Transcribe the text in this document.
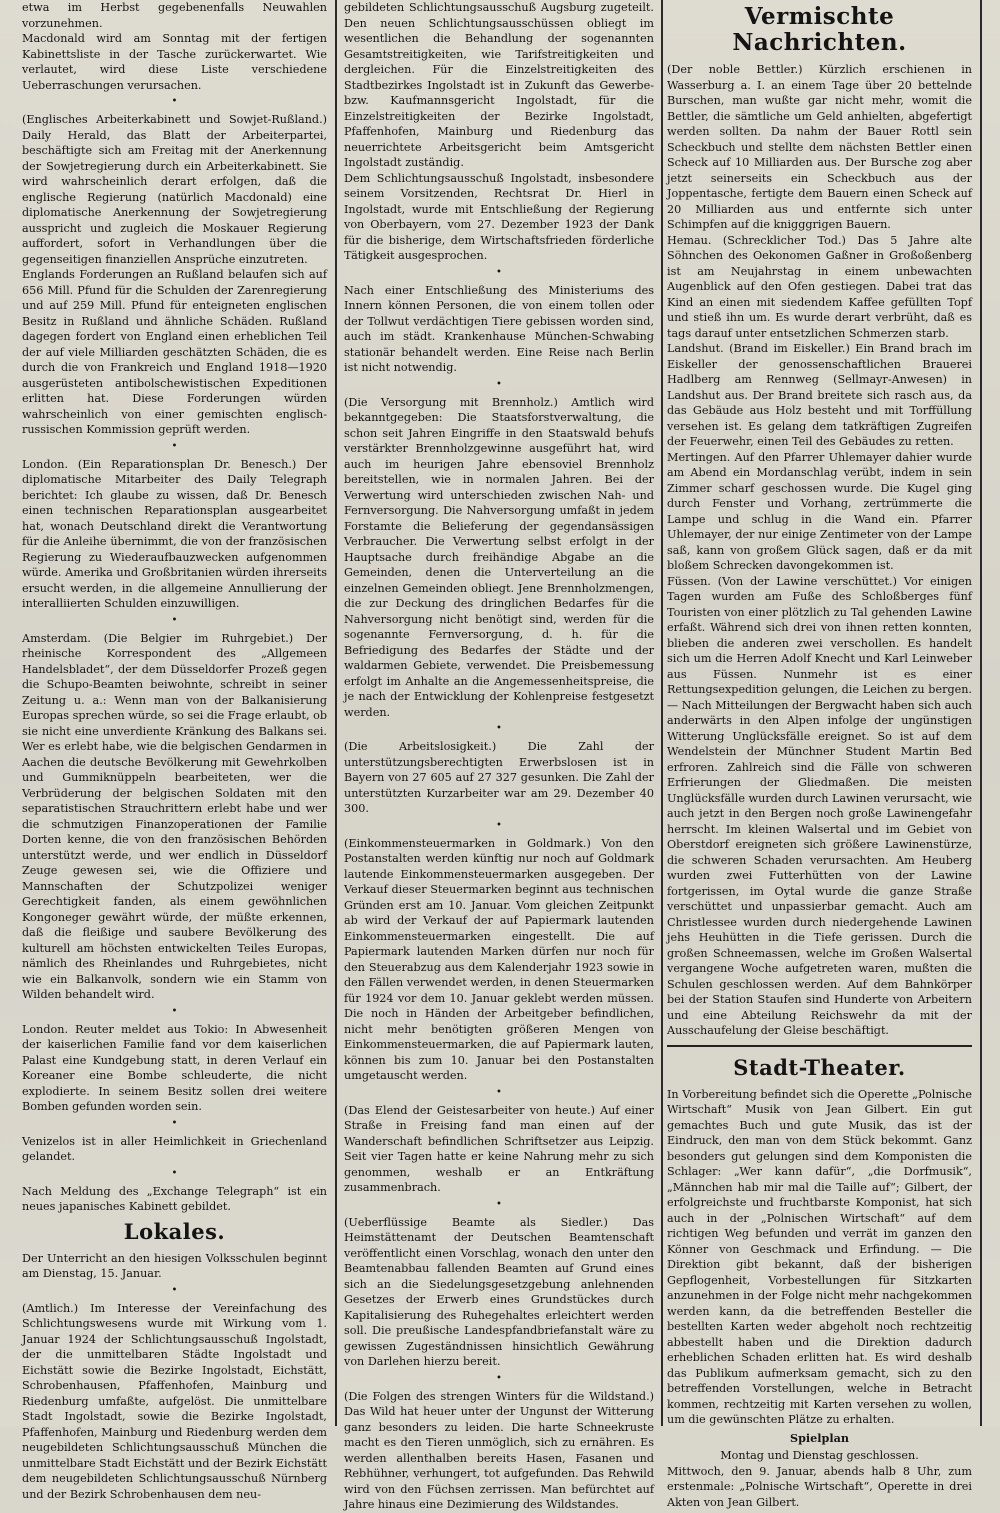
etwa im Herbst gegebenenfalls Neuwahlen vorzunehmen.

Macdonald wird am Sonntag mit der fertigen Kabinettsliste in der Tasche zurückerwartet. Wie verlautet, wird diese Liste verschiedene Ueberraschungen verursachen.

•

(Englisches Arbeiterkabinett und Sowjet-Rußland.) Daily Herald, das Blatt der Arbeiterpartei, beschäftigte sich am Freitag mit der Anerkennung der Sowjetregierung durch ein Arbeiterkabinett. Sie wird wahrscheinlich derart erfolgen, daß die englische Regierung (natürlich Macdonald) eine diplomatische Anerkennung der Sowjetregierung ausspricht und zugleich die Moskauer Regierung auffordert, sofort in Verhandlungen über die gegenseitigen finanziellen Ansprüche einzutreten.

Englands Forderungen an Rußland belaufen sich auf 656 Mill. Pfund für die Schulden der Zarenregierung und auf 259 Mill. Pfund für enteigneten englischen Besitz in Rußland und ähnliche Schäden. Rußland dagegen fordert von England einen erheblichen Teil der auf viele Milliarden geschätzten Schäden, die es durch die von Frankreich und England 1918—1920 ausgerüsteten antibolschewistischen Expeditionen erlitten hat. Diese Forderungen würden wahrscheinlich von einer gemischten englisch-russischen Kommission geprüft werden.

•

London. (Ein Reparationsplan Dr. Benesch.) Der diplomatische Mitarbeiter des Daily Telegraph berichtet: Ich glaube zu wissen, daß Dr. Benesch einen technischen Reparationsplan ausgearbeitet hat, wonach Deutschland direkt die Verantwortung für die Anleihe übernimmt, die von der französischen Regierung zu Wiederaufbauzwecken aufgenommen würde. Amerika und Großbritanien würden ihrerseits ersucht werden, in die allgemeine Annullierung der interalliierten Schulden einzuwilligen.

•

Amsterdam. (Die Belgier im Ruhrgebiet.) Der rheinische Korrespondent des „Allgemeen Handelsbladet“, der dem Düsseldorfer Prozeß gegen die Schupo-Beamten beiwohnte, schreibt in seiner Zeitung u. a.: Wenn man von der Balkanisierung Europas sprechen würde, so sei die Frage erlaubt, ob sie nicht eine unverdiente Kränkung des Balkans sei. Wer es erlebt habe, wie die belgischen Gendarmen in Aachen die deutsche Bevölkerung mit Gewehrkolben und Gummiknüppeln bearbeiteten, wer die Verbrüderung der belgischen Soldaten mit den separatistischen Strauchrittern erlebt habe und wer die schmutzigen Finanzoperationen der Familie Dorten kenne, die von den französischen Behörden unterstützt werde, und wer endlich in Düsseldorf Zeuge gewesen sei, wie die Offiziere und Mannschaften der Schutzpolizei weniger Gerechtigkeit fanden, als einem gewöhnlichen Kongoneger gewährt würde, der müßte erkennen, daß die fleißige und saubere Bevölkerung des kulturell am höchsten entwickelten Teiles Europas, nämlich des Rheinlandes und Ruhrgebietes, nicht wie ein Balkanvolk, sondern wie ein Stamm von Wilden behandelt wird.

•

London. Reuter meldet aus Tokio: In Abwesenheit der kaiserlichen Familie fand vor dem kaiserlichen Palast eine Kundgebung statt, in deren Verlauf ein Koreaner eine Bombe schleuderte, die nicht explodierte. In seinem Besitz sollen drei weitere Bomben gefunden worden sein.

•

Venizelos ist in aller Heimlichkeit in Griechenland gelandet.

•

Nach Meldung des „Exchange Telegraph“ ist ein neues japanisches Kabinett gebildet.

Lokales.

Der Unterricht an den hiesigen Volksschulen beginnt am Dienstag, 15. Januar.

•

(Amtlich.) Im Interesse der Vereinfachung des Schlichtungswesens wurde mit Wirkung vom 1. Januar 1924 der Schlichtungsausschuß Ingolstadt, der die unmittelbaren Städte Ingolstadt und Eichstätt sowie die Bezirke Ingolstadt, Eichstätt, Schrobenhausen, Pfaffenhofen, Mainburg und Riedenburg umfaßte, aufgelöst. Die unmittelbare Stadt Ingolstadt, sowie die Bezirke Ingolstadt, Pfaffenhofen, Mainburg und Riedenburg werden dem neugebildeten Schlichtungsausschuß München die unmittelbare Stadt Eichstätt und der Bezirk Eichstätt dem neugebildeten Schlichtungsausschuß Nürnberg und der Bezirk Schrobenhausen dem neu-

gebildeten Schlichtungsausschuß Augsburg zugeteilt. Den neuen Schlichtungsausschüssen obliegt im wesentlichen die Behandlung der sogenannten Gesamtstreitigkeiten, wie Tarifstreitigkeiten und dergleichen. Für die Einzelstreitigkeiten des Stadtbezirkes Ingolstadt ist in Zukunft das Gewerbe- bzw. Kaufmannsgericht Ingolstadt, für die Einzelstreitigkeiten der Bezirke Ingolstadt, Pfaffenhofen, Mainburg und Riedenburg das neuerrichtete Arbeitsgericht beim Amtsgericht Ingolstadt zuständig.

Dem Schlichtungsausschuß Ingolstadt, insbesondere seinem Vorsitzenden, Rechtsrat Dr. Hierl in Ingolstadt, wurde mit Entschließung der Regierung von Oberbayern, vom 27. Dezember 1923 der Dank für die bisherige, dem Wirtschaftsfrieden förderliche Tätigkeit ausgesprochen.

•

Nach einer Entschließung des Ministeriums des Innern können Personen, die von einem tollen oder der Tollwut verdächtigen Tiere gebissen worden sind, auch im städt. Krankenhause München-Schwabing stationär behandelt werden. Eine Reise nach Berlin ist nicht notwendig.

•

(Die Versorgung mit Brennholz.) Amtlich wird bekanntgegeben: Die Staatsforstverwaltung, die schon seit Jahren Eingriffe in den Staatswald behufs verstärkter Brennholzgewinne ausgeführt hat, wird auch im heurigen Jahre ebensoviel Brennholz bereitstellen, wie in normalen Jahren. Bei der Verwertung wird unterschieden zwischen Nah- und Fernversorgung. Die Nahversorgung umfaßt in jedem Forstamte die Belieferung der gegendansässigen Verbraucher. Die Verwertung selbst erfolgt in der Hauptsache durch freihändige Abgabe an die Gemeinden, denen die Unterverteilung an die einzelnen Gemeinden obliegt. Jene Brennholzmengen, die zur Deckung des dringlichen Bedarfes für die Nahversorgung nicht benötigt sind, werden für die sogenannte Fernversorgung, d. h. für die Befriedigung des Bedarfes der Städte und der waldarmen Gebiete, verwendet. Die Preisbemessung erfolgt im Anhalte an die Angemessenheitspreise, die je nach der Entwicklung der Kohlenpreise festgesetzt werden.

•

(Die Arbeitslosigkeit.) Die Zahl der unterstützungsberechtigten Erwerbslosen ist in Bayern von 27 605 auf 27 327 gesunken. Die Zahl der unterstützten Kurzarbeiter war am 29. Dezember 40 300.

•

(Einkommensteuermarken in Goldmark.) Von den Postanstalten werden künftig nur noch auf Goldmark lautende Einkommensteuermarken ausgegeben. Der Verkauf dieser Steuermarken beginnt aus technischen Gründen erst am 10. Januar. Vom gleichen Zeitpunkt ab wird der Verkauf der auf Papiermark lautenden Einkommensteuermarken eingestellt. Die auf Papiermark lautenden Marken dürfen nur noch für den Steuerabzug aus dem Kalenderjahr 1923 sowie in den Fällen verwendet werden, in denen Steuermarken für 1924 vor dem 10. Januar geklebt werden müssen. Die noch in Händen der Arbeitgeber befindlichen, nicht mehr benötigten größeren Mengen von Einkommensteuermarken, die auf Papiermark lauten, können bis zum 10. Januar bei den Postanstalten umgetauscht werden.

•

(Das Elend der Geistesarbeiter von heute.) Auf einer Straße in Freising fand man einen auf der Wanderschaft befindlichen Schriftsetzer aus Leipzig. Seit vier Tagen hatte er keine Nahrung mehr zu sich genommen, weshalb er an Entkräftung zusammenbrach.

•

(Ueberflüssige Beamte als Siedler.) Das Heimstättenamt der Deutschen Beamtenschaft veröffentlicht einen Vorschlag, wonach den unter den Beamtenabbau fallenden Beamten auf Grund eines sich an die Siedelungsgesetzgebung anlehnenden Gesetzes der Erwerb eines Grundstückes durch Kapitalisierung des Ruhegehaltes erleichtert werden soll. Die preußische Landespfandbriefanstalt wäre zu gewissen Zugeständnissen hinsichtlich Gewährung von Darlehen hierzu bereit.

•

(Die Folgen des strengen Winters für die Wildstand.) Das Wild hat heuer unter der Ungunst der Witterung ganz besonders zu leiden. Die harte Schneekruste macht es den Tieren unmöglich, sich zu ernähren. Es werden allenthalben bereits Hasen, Fasanen und Rebhühner, verhungert, tot aufgefunden. Das Rehwild wird von den Füchsen zerrissen. Man befürchtet auf Jahre hinaus eine Dezimierung des Wildstandes.

Vermischte Nachrichten.

(Der noble Bettler.) Kürzlich erschienen in Wasserburg a. I. an einem Tage über 20 bettelnde Burschen, man wußte gar nicht mehr, womit die Bettler, die sämtliche um Geld anhielten, abgefertigt werden sollten. Da nahm der Bauer Rottl sein Scheckbuch und stellte dem nächsten Bettler einen Scheck auf 10 Milliarden aus. Der Bursche zog aber jetzt seinerseits ein Scheckbuch aus der Joppentasche, fertigte dem Bauern einen Scheck auf 20 Milliarden aus und entfernte sich unter Schimpfen auf die knigggrigen Bauern.

Hemau. (Schrecklicher Tod.) Das 5 Jahre alte Söhnchen des Oekonomen Gaßner in Großoßenberg ist am Neujahrstag in einem unbewachten Augenblick auf den Ofen gestiegen. Dabei trat das Kind an einen mit siedendem Kaffee gefüllten Topf und stieß ihn um. Es wurde derart verbrüht, daß es tags darauf unter entsetzlichen Schmerzen starb.

Landshut. (Brand im Eiskeller.) Ein Brand brach im Eiskeller der genossenschaftlichen Brauerei Hadlberg am Rennweg (Sellmayr-Anwesen) in Landshut aus. Der Brand breitete sich rasch aus, da das Gebäude aus Holz besteht und mit Torffüllung versehen ist. Es gelang dem tatkräftigen Zugreifen der Feuerwehr, einen Teil des Gebäudes zu retten.

Mertingen. Auf den Pfarrer Uhlemayer dahier wurde am Abend ein Mordanschlag verübt, indem in sein Zimmer scharf geschossen wurde. Die Kugel ging durch Fenster und Vorhang, zertrümmerte die Lampe und schlug in die Wand ein. Pfarrer Uhlemayer, der nur einige Zentimeter von der Lampe saß, kann von großem Glück sagen, daß er da mit bloßem Schrecken davongekommen ist.

Füssen. (Von der Lawine verschüttet.) Vor einigen Tagen wurden am Fuße des Schloßberges fünf Touristen von einer plötzlich zu Tal gehenden Lawine erfaßt. Während sich drei von ihnen retten konnten, blieben die anderen zwei verschollen. Es handelt sich um die Herren Adolf Knecht und Karl Leinweber aus Füssen. Nunmehr ist es einer Rettungsexpedition gelungen, die Leichen zu bergen. — Nach Mitteilungen der Bergwacht haben sich auch anderwärts in den Alpen infolge der ungünstigen Witterung Unglücksfälle ereignet. So ist auf dem Wendelstein der Münchner Student Martin Bed erfroren. Zahlreich sind die Fälle von schweren Erfrierungen der Gliedmaßen. Die meisten Unglücksfälle wurden durch Lawinen verursacht, wie auch jetzt in den Bergen noch große Lawinengefahr herrscht. Im kleinen Walsertal und im Gebiet von Oberstdorf ereigneten sich größere Lawinenstürze, die schweren Schaden verursachten. Am Heuberg wurden zwei Futterhütten von der Lawine fortgerissen, im Oytal wurde die ganze Straße verschüttet und unpassierbar gemacht. Auch am Christlessee wurden durch niedergehende Lawinen jehs Heuhütten in die Tiefe gerissen. Durch die großen Schneemassen, welche im Großen Walsertal vergangene Woche aufgetreten waren, mußten die Schulen geschlossen werden. Auf dem Bahnkörper bei der Station Staufen sind Hunderte von Arbeitern und eine Abteilung Reichswehr da mit der Ausschaufelung der Gleise beschäftigt.

Stadt-Theater.

In Vorbereitung befindet sich die Operette „Polnische Wirtschaft“ Musik von Jean Gilbert. Ein gut gemachtes Buch und gute Musik, das ist der Eindruck, den man von dem Stück bekommt. Ganz besonders gut gelungen sind dem Komponisten die Schlager: „Wer kann dafür“, „die Dorfmusik“, „Männchen hab mir mal die Taille auf“; Gilbert, der erfolgreichste und fruchtbarste Komponist, hat sich auch in der „Polnischen Wirtschaft“ auf dem richtigen Weg befunden und verrät im ganzen den Könner von Geschmack und Erfindung. — Die Direktion gibt bekannt, daß der bisherigen Gepflogenheit, Vorbestellungen für Sitzkarten anzunehmen in der Folge nicht mehr nachgekommen werden kann, da die betreffenden Besteller die bestellten Karten weder abgeholt noch rechtzeitig abbestellt haben und die Direktion dadurch erheblichen Schaden erlitten hat. Es wird deshalb das Publikum aufmerksam gemacht, sich zu den betreffenden Vorstellungen, welche in Betracht kommen, rechtzeitig mit Karten versehen zu wollen, um die gewünschten Plätze zu erhalten.

Spielplan

Montag und Dienstag geschlossen.

Mittwoch, den 9. Januar, abends halb 8 Uhr, zum erstenmale: „Polnische Wirtschaft“, Operette in drei Akten von Jean Gilbert.
